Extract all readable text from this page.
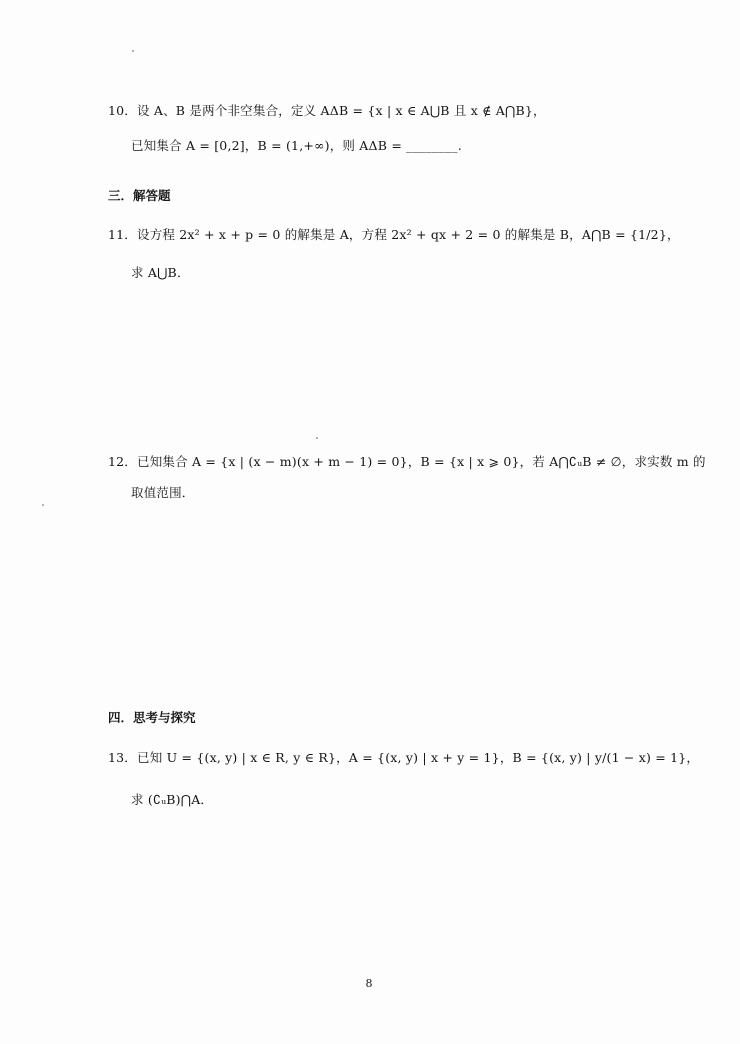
10．设 A、B 是两个非空集合，定义 AΔB = {x | x ∈ A⋃B 且 x ∉ A⋂B}，
已知集合 A = [0,2]，B = (1,+∞)，则 AΔB = ________.
三．解答题
11．设方程 2x² + x + p = 0 的解集是 A，方程 2x² + qx + 2 = 0 的解集是 B，A⋂B = {1/2}，
求 A⋃B．
12．已知集合 A = {x | (x − m)(x + m − 1) = 0}，B = {x | x ⩾ 0}，若 A⋂∁ᵤB ≠ ∅，求实数 m 的
取值范围．
四．思考与探究
13．已知 U = {(x, y) | x ∈ R, y ∈ R}，A = {(x, y) | x + y = 1}，B = {(x, y) | y/(1 − x) = 1}，
求 (∁ᵤB)⋂A．
8
